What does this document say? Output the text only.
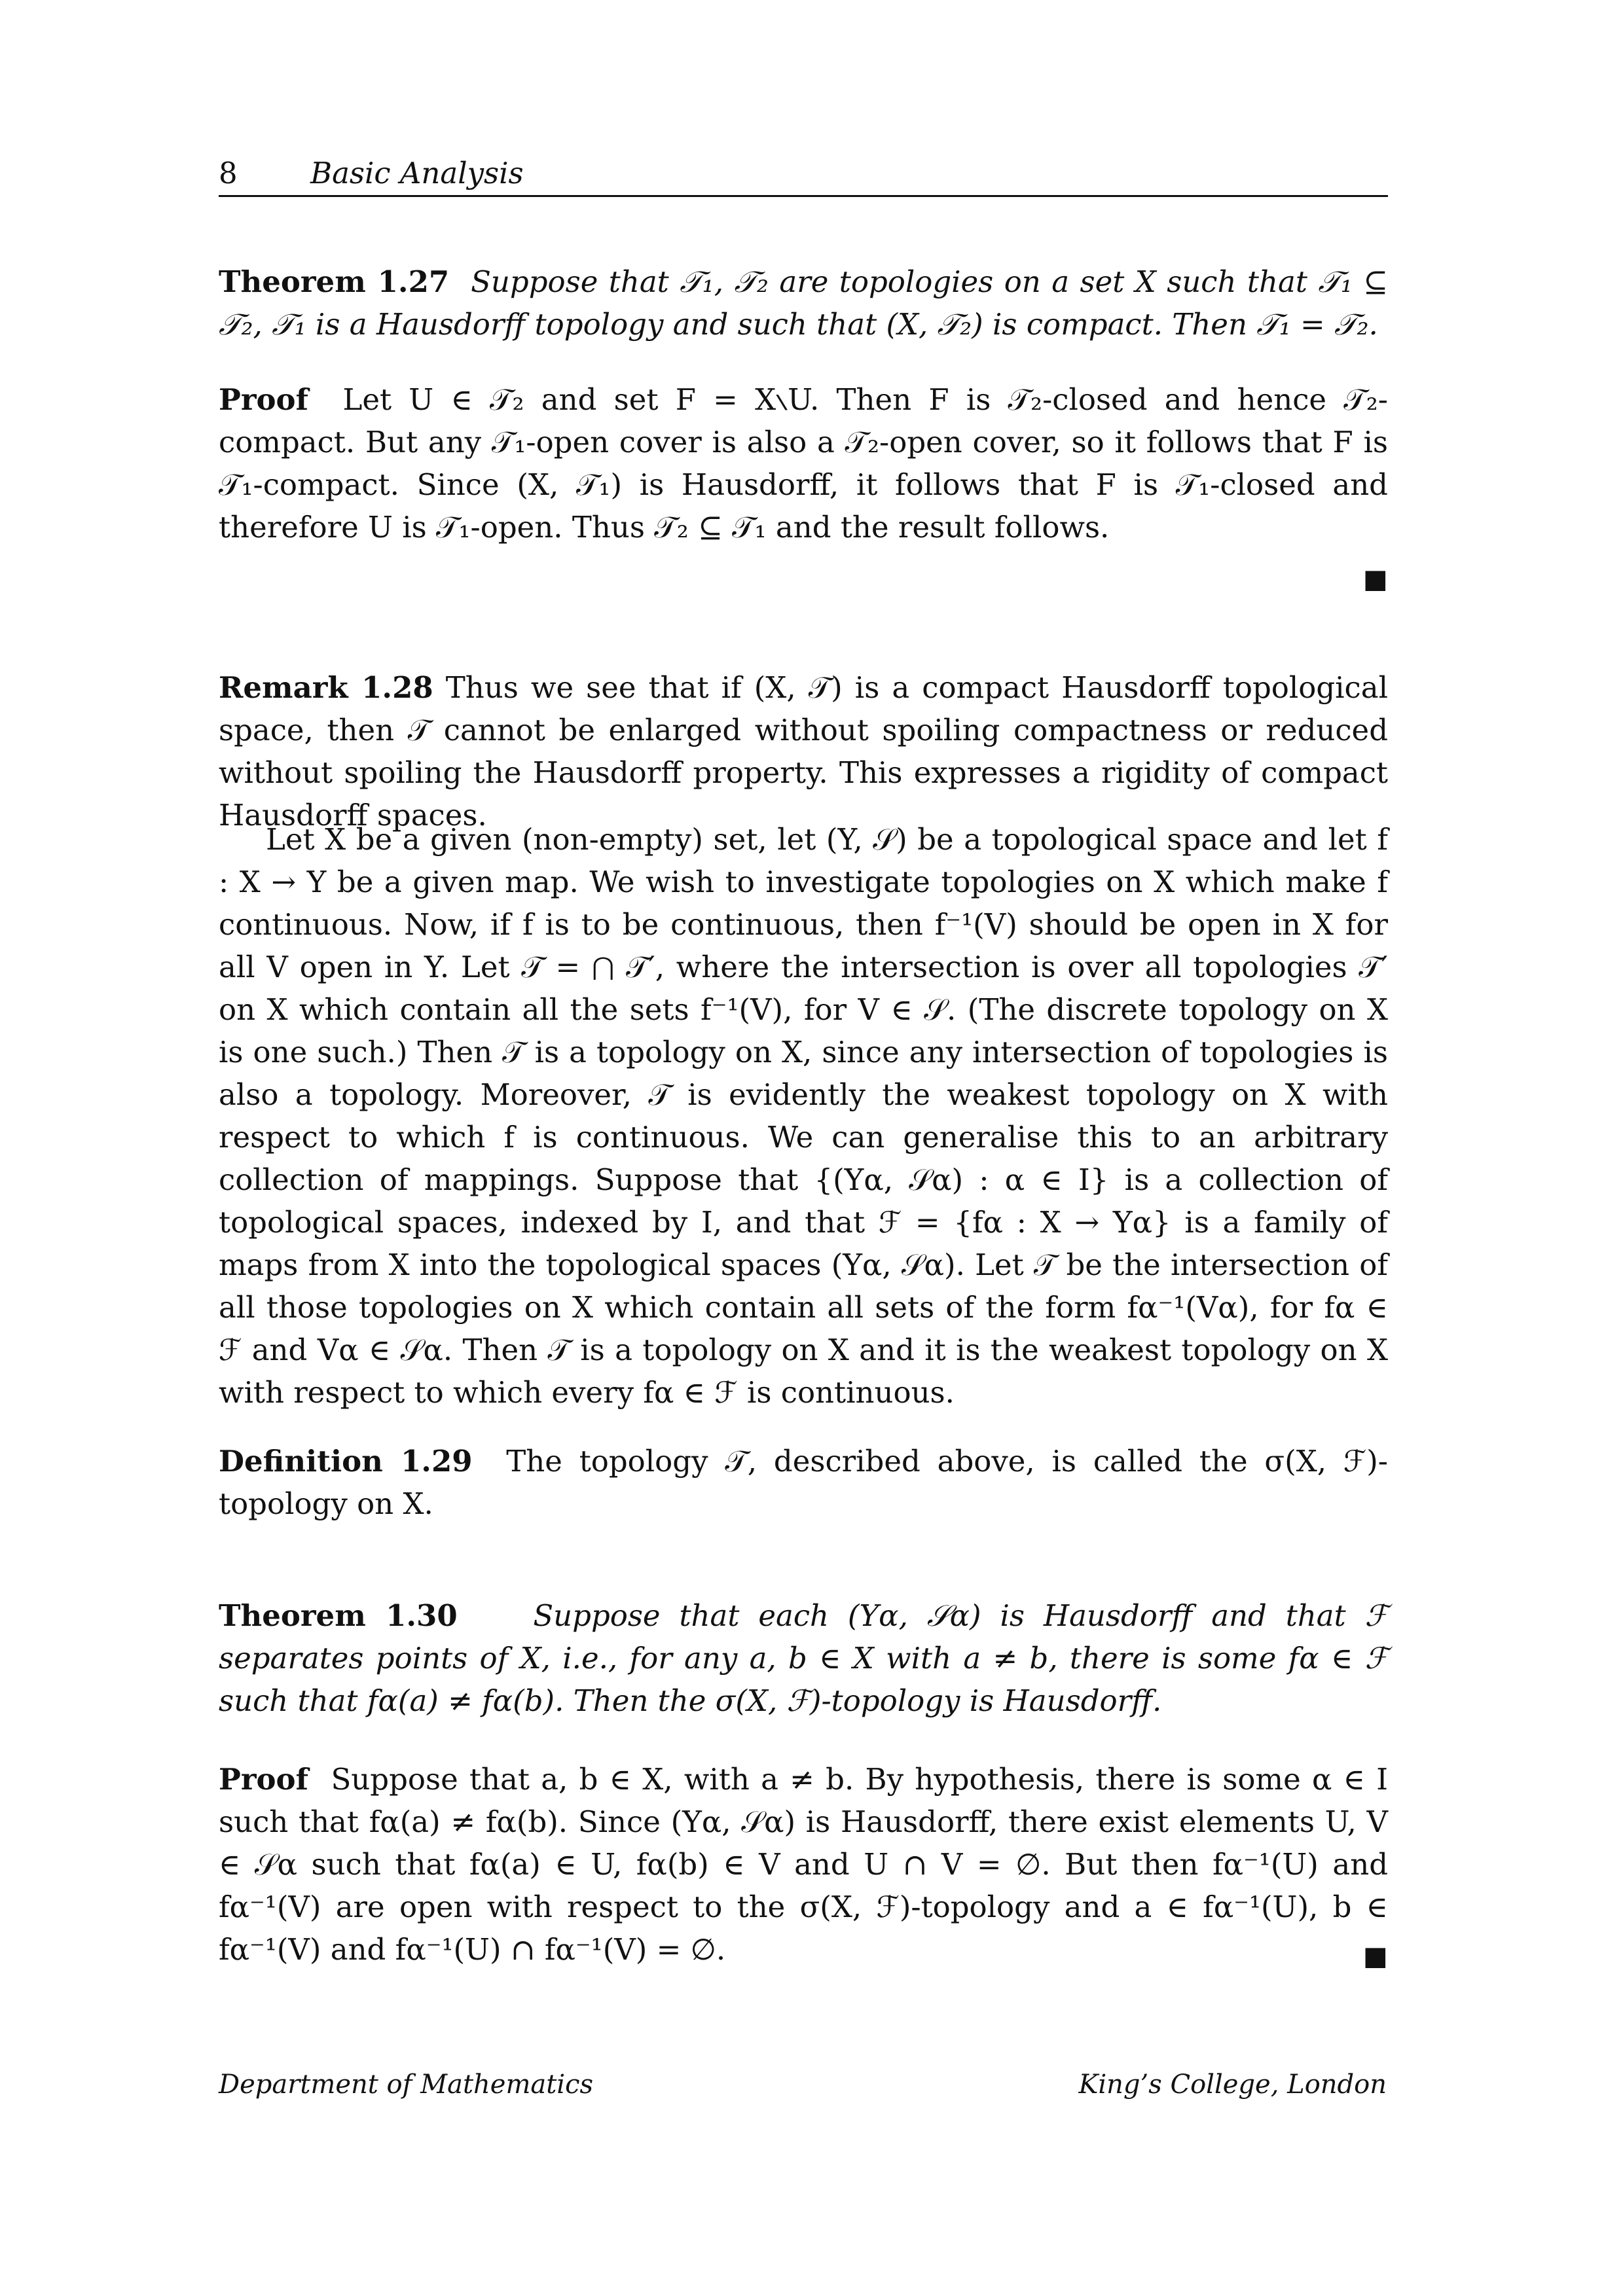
8 Basic Analysis

Theorem 1.27 Suppose that 𝒯₁, 𝒯₂ are topologies on a set X such that 𝒯₁ ⊆ 𝒯₂, 𝒯₁ is a Hausdorff topology and such that (X, 𝒯₂) is compact. Then 𝒯₁ = 𝒯₂.

Proof Let U ∈ 𝒯₂ and set F = X∖U. Then F is 𝒯₂-closed and hence 𝒯₂-compact. But any 𝒯₁-open cover is also a 𝒯₂-open cover, so it follows that F is 𝒯₁-compact. Since (X, 𝒯₁) is Hausdorff, it follows that F is 𝒯₁-closed and therefore U is 𝒯₁-open. Thus 𝒯₂ ⊆ 𝒯₁ and the result follows.

■

Remark 1.28 Thus we see that if (X, 𝒯) is a compact Hausdorff topological space, then 𝒯 cannot be enlarged without spoiling compactness or reduced without spoiling the Hausdorff property. This expresses a rigidity of compact Hausdorff spaces.

Let X be a given (non-empty) set, let (Y, 𝒮) be a topological space and let f : X → Y be a given map. We wish to investigate topologies on X which make f continuous. Now, if f is to be continuous, then f⁻¹(V) should be open in X for all V open in Y. Let 𝒯 = ⋂ 𝒯′, where the intersection is over all topologies 𝒯′ on X which contain all the sets f⁻¹(V), for V ∈ 𝒮. (The discrete topology on X is one such.) Then 𝒯 is a topology on X, since any intersection of topologies is also a topology. Moreover, 𝒯 is evidently the weakest topology on X with respect to which f is continuous. We can generalise this to an arbitrary collection of mappings. Suppose that {(Yα, 𝒮α) : α ∈ I} is a collection of topological spaces, indexed by I, and that ℱ = {fα : X → Yα} is a family of maps from X into the topological spaces (Yα, 𝒮α). Let 𝒯 be the intersection of all those topologies on X which contain all sets of the form fα⁻¹(Vα), for fα ∈ ℱ and Vα ∈ 𝒮α. Then 𝒯 is a topology on X and it is the weakest topology on X with respect to which every fα ∈ ℱ is continuous.

Definition 1.29 The topology 𝒯, described above, is called the σ(X, ℱ)-topology on X.

Theorem 1.30	Suppose that each (Yα, 𝒮α) is Hausdorff and that ℱ separates points of X, i.e., for any a, b ∈ X with a ≠ b, there is some fα ∈ ℱ such that fα(a) ≠ fα(b). Then the σ(X, ℱ)-topology is Hausdorff.

Proof Suppose that a, b ∈ X, with a ≠ b. By hypothesis, there is some α ∈ I such that fα(a) ≠ fα(b). Since (Yα, 𝒮α) is Hausdorff, there exist elements U, V ∈ 𝒮α such that fα(a) ∈ U, fα(b) ∈ V and U ∩ V = ∅. But then fα⁻¹(U) and fα⁻¹(V) are open with respect to the σ(X, ℱ)-topology and a ∈ fα⁻¹(U), b ∈ fα⁻¹(V) and fα⁻¹(U) ∩ fα⁻¹(V) = ∅.	■
Department of Mathematics	King’s College, London
